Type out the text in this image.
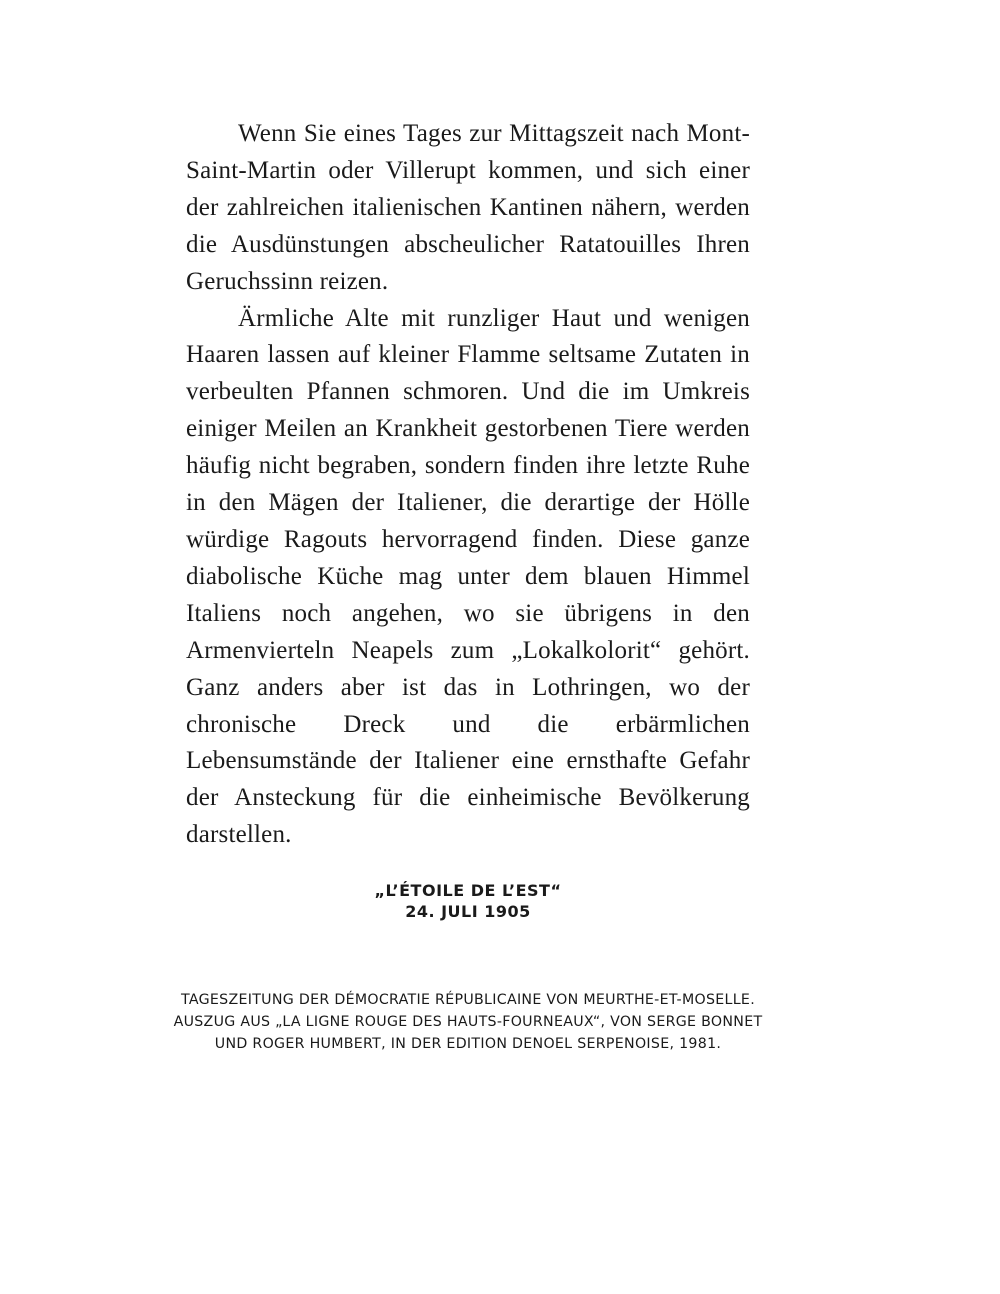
Wenn Sie eines Tages zur Mittagszeit nach Mont-Saint-Martin oder Villerupt kommen, und sich einer der zahlreichen italienischen Kantinen nähern, werden die Ausdünstungen abscheulicher Ratatouilles Ihren Geruchssinn reizen.

Ärmliche Alte mit runzliger Haut und wenigen Haaren lassen auf kleiner Flamme seltsame Zutaten in verbeulten Pfannen schmoren. Und die im Umkreis einiger Meilen an Krankheit gestorbenen Tiere werden häufig nicht begraben, sondern finden ihre letzte Ruhe in den Mägen der Italiener, die derartige der Hölle würdige Ragouts hervorragend finden. Diese ganze diabolische Küche mag unter dem blauen Himmel Italiens noch angehen, wo sie übrigens in den Armenvierteln Neapels zum „Lokalkolorit“ gehört. Ganz anders aber ist das in Lothringen, wo der chronische Dreck und die erbärmlichen Lebensumstände der Italiener eine ernsthafte Gefahr der Ansteckung für die einheimische Bevölkerung darstellen.

„L’ÉTOILE DE L’EST“
24. JULI 1905
TAGESZEITUNG DER DÉMOCRATIE RÉPUBLICAINE VON MEURTHE-ET-MOSELLE.
AUSZUG AUS „LA LIGNE ROUGE DES HAUTS-FOURNEAUX“, VON SERGE BONNET
UND ROGER HUMBERT, IN DER EDITION DENOEL SERPENOISE, 1981.
